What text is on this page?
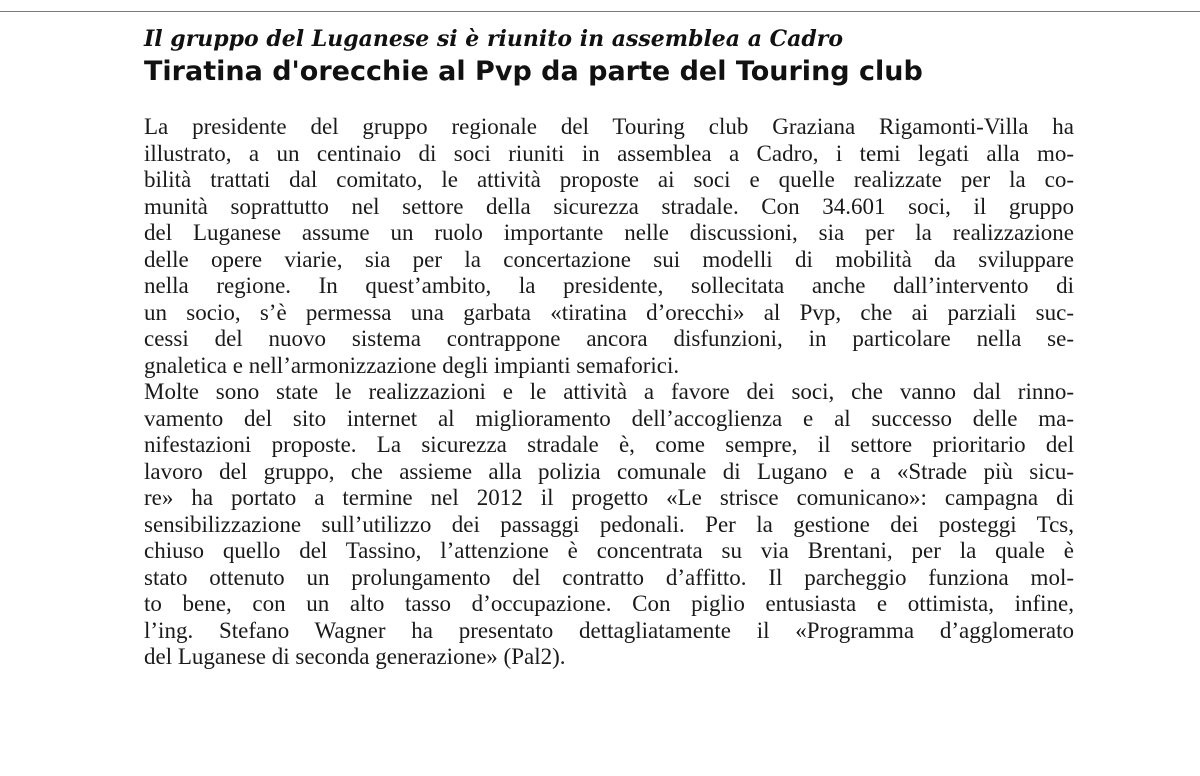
Il gruppo del Luganese si è riunito in assemblea a Cadro
Tiratina d'orecchie al Pvp da parte del Touring club
La presidente del gruppo regionale del Touring club Graziana Rigamonti-Villa ha
illustrato, a un centinaio di soci riuniti in assemblea a Cadro, i temi legati alla mo-
bilità trattati dal comitato, le attività proposte ai soci e quelle realizzate per la co-
munità soprattutto nel settore della sicurezza stradale. Con 34.601 soci, il gruppo
del Luganese assume un ruolo importante nelle discussioni, sia per la realizzazione
delle opere viarie, sia per la concertazione sui modelli di mobilità da sviluppare
nella regione. In quest’ambito, la presidente, sollecitata anche dall’intervento di
un socio, s’è permessa una garbata «tiratina d’orecchi» al Pvp, che ai parziali suc-
cessi del nuovo sistema contrappone ancora disfunzioni, in particolare nella se-
gnaletica e nell’armonizzazione degli impianti semaforici.
Molte sono state le realizzazioni e le attività a favore dei soci, che vanno dal rinno-
vamento del sito internet al miglioramento dell’accoglienza e al successo delle ma-
nifestazioni proposte. La sicurezza stradale è, come sempre, il settore prioritario del
lavoro del gruppo, che assieme alla polizia comunale di Lugano e a «Strade più sicu-
re» ha portato a termine nel 2012 il progetto «Le strisce comunicano»: campagna di
sensibilizzazione sull’utilizzo dei passaggi pedonali. Per la gestione dei posteggi Tcs,
chiuso quello del Tassino, l’attenzione è concentrata su via Brentani, per la quale è
stato ottenuto un prolungamento del contratto d’affitto. Il parcheggio funziona mol-
to bene, con un alto tasso d’occupazione. Con piglio entusiasta e ottimista, infine,
l’ing. Stefano Wagner ha presentato dettagliatamente il «Programma d’agglomerato
del Luganese di seconda generazione» (Pal2).
